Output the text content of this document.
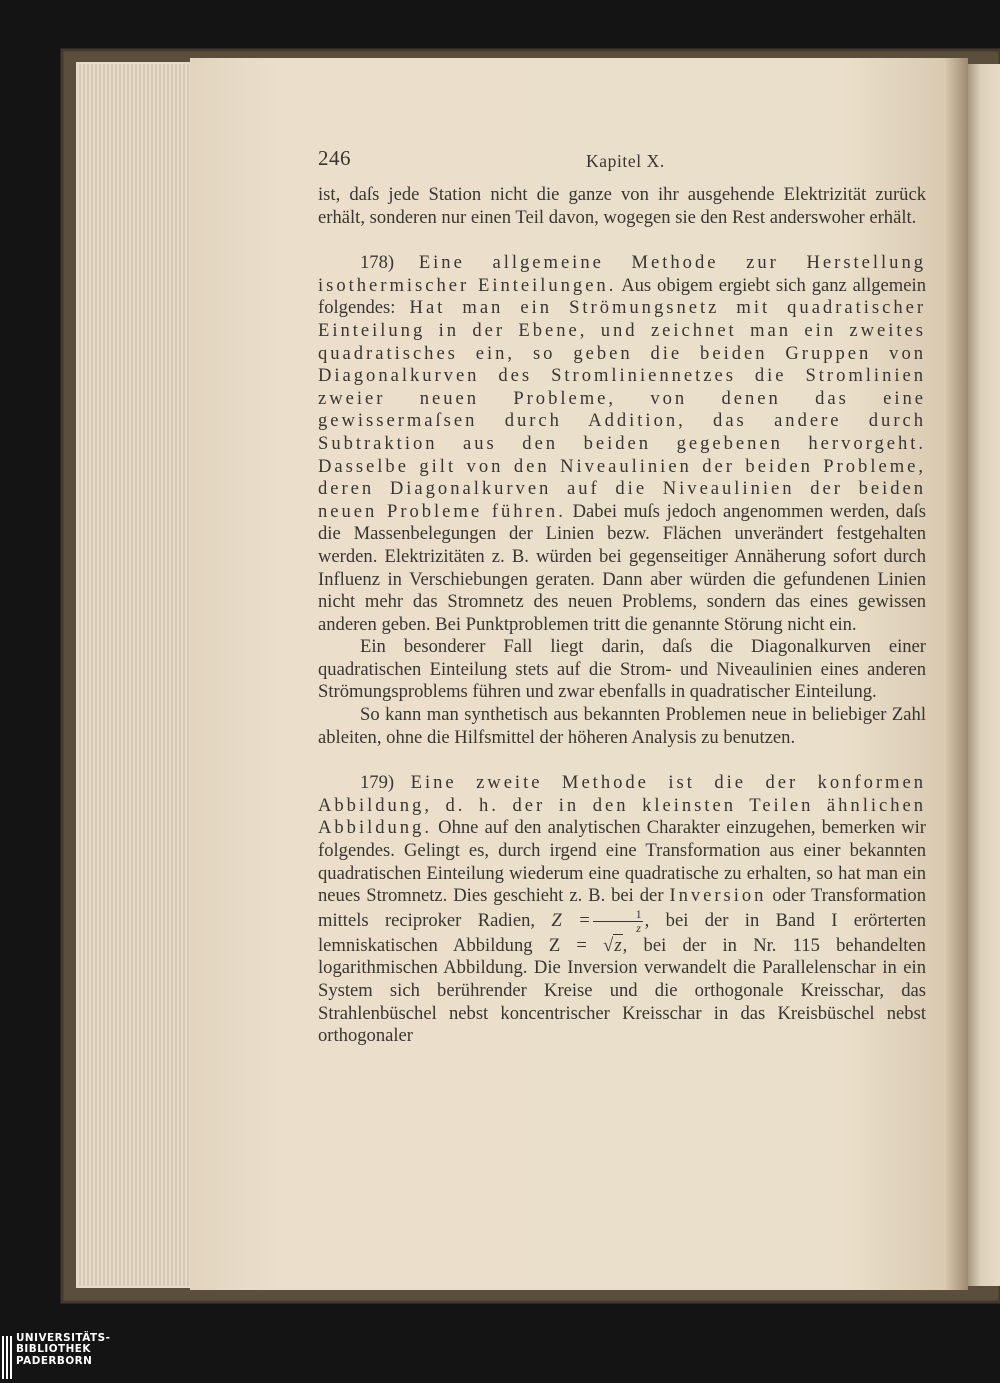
246	Kapitel X.

ist, daſs jede Station nicht die ganze von ihr ausgehende Elektrizität zurück erhält, sonderen nur einen Teil davon, wogegen sie den Rest anderswoher erhält.

178) Eine allgemeine Methode zur Herstellung isothermischer Einteilungen. Aus obigem ergiebt sich ganz allgemein folgendes: Hat man ein Strömungsnetz mit quadratischer Einteilung in der Ebene, und zeichnet man ein zweites quadratisches ein, so geben die beiden Gruppen von Diagonalkurven des Stromliniennetzes die Stromlinien zweier neuen Probleme, von denen das eine gewissermaſsen durch Addition, das andere durch Subtraktion aus den beiden gegebenen hervorgeht. Dasselbe gilt von den Niveaulinien der beiden Probleme, deren Diagonalkurven auf die Niveaulinien der beiden neuen Probleme führen. Dabei muſs jedoch angenommen werden, daſs die Massenbelegungen der Linien bezw. Flächen unverändert festgehalten werden. Elektrizitäten z. B. würden bei gegenseitiger Annäherung sofort durch Influenz in Verschiebungen geraten. Dann aber würden die gefundenen Linien nicht mehr das Stromnetz des neuen Problems, sondern das eines gewissen anderen geben. Bei Punktproblemen tritt die genannte Störung nicht ein.

Ein besonderer Fall liegt darin, daſs die Diagonalkurven einer quadratischen Einteilung stets auf die Strom- und Niveaulinien eines anderen Strömungsproblems führen und zwar ebenfalls in quadratischer Einteilung.

So kann man synthetisch aus bekannten Problemen neue in beliebiger Zahl ableiten, ohne die Hilfsmittel der höheren Analysis zu benutzen.

179) Eine zweite Methode ist die der konformen Abbildung, d. h. der in den kleinsten Teilen ähnlichen Abbildung. Ohne auf den analytischen Charakter einzugehen, bemerken wir folgendes. Gelingt es, durch irgend eine Transformation aus einer bekannten quadratischen Einteilung wiederum eine quadratische zu erhalten, so hat man ein neues Stromnetz. Dies geschieht z. B. bei der Inversion oder Transformation mittels reciproker Radien, $Z = \frac{1}{z}$ , bei der in Band I erörterten lemniskatischen Abbildung Z = √z, bei der in Nr. 115 behandelten logarithmischen Abbildung. Die Inversion verwandelt die Parallelenschar in ein System sich berührender Kreise und die orthogonale Kreisschar, das Strahlenbüschel nebst koncentrischer Kreisschar in das Kreisbüschel nebst orthogonaler

UNIVERSITÄTS-
BIBLIOTHEK
PADERBORN
